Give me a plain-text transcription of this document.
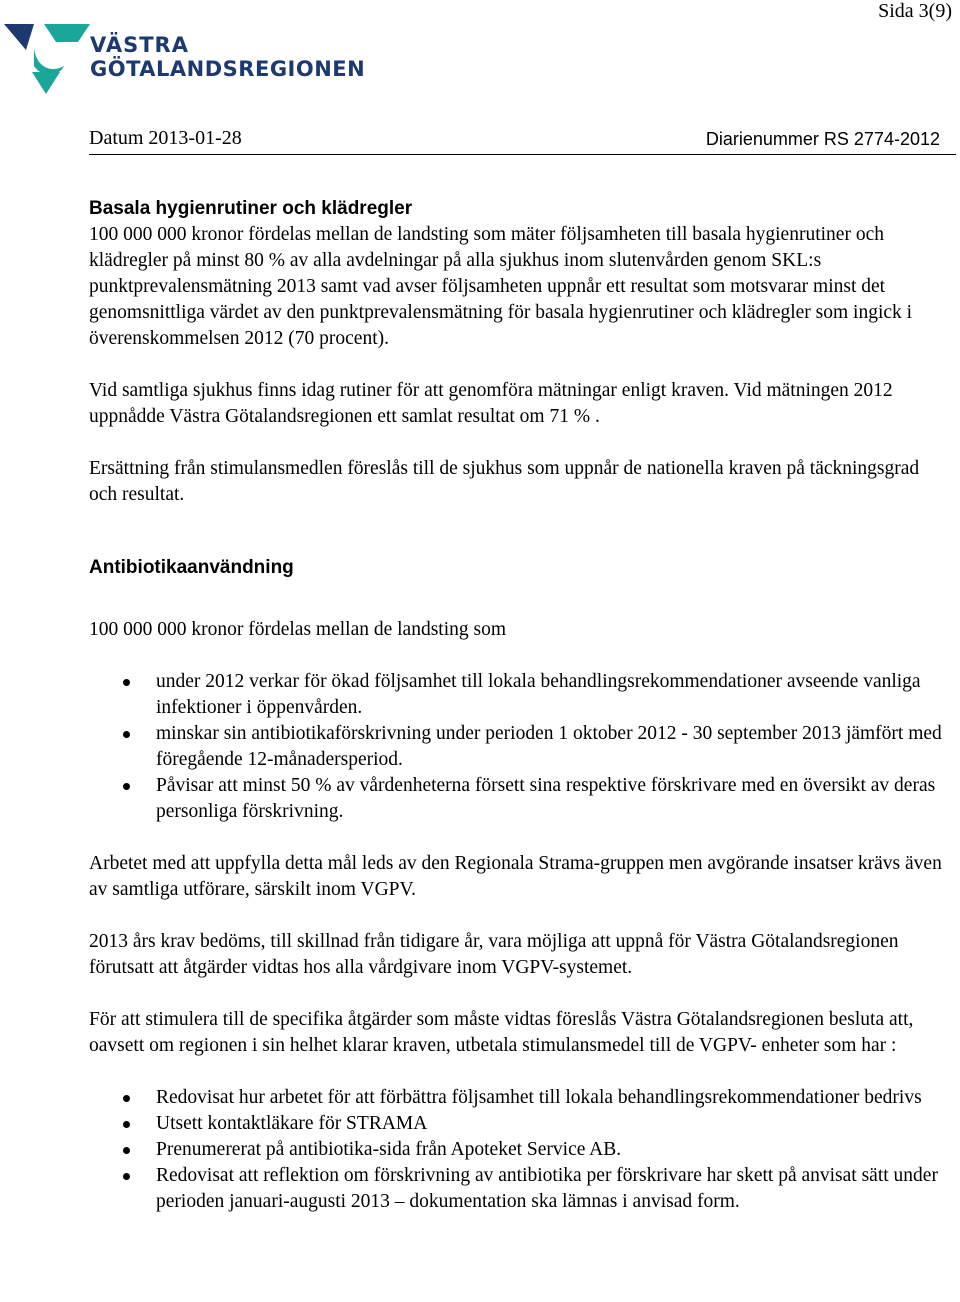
Sida 3(9)
VÄSTRA
GÖTALANDSREGIONEN
Datum 2013-01-28	Diarienummer RS 2774-2012
Basala hygienrutiner och klädregler

100 000 000 kronor fördelas mellan de landsting som mäter följsamheten till basala hygienrutiner och klädregler på minst 80 % av alla avdelningar på alla sjukhus inom slutenvården genom SKL:s punktprevalensmätning 2013 samt vad avser följsamheten uppnår ett resultat som motsvarar minst det genomsnittliga värdet av den punktprevalensmätning för basala hygienrutiner och klädregler som ingick i överenskommelsen 2012 (70 procent).

Vid samtliga sjukhus finns idag rutiner för att genomföra mätningar enligt kraven. Vid mätningen 2012 uppnådde Västra Götalandsregionen ett samlat resultat om 71 % .

Ersättning från stimulansmedlen föreslås till de sjukhus som uppnår de nationella kraven på täckningsgrad och resultat.

Antibiotikaanvändning

100 000 000 kronor fördelas mellan de landsting som

under 2012 verkar för ökad följsamhet till lokala behandlingsrekommendationer avseende vanliga infektioner i öppenvården.
minskar sin antibiotikaförskrivning under perioden 1 oktober 2012 - 30 september 2013 jämfört med föregående 12-månadersperiod.
Påvisar att minst 50 % av vårdenheterna försett sina respektive förskrivare med en översikt av deras personliga förskrivning.

Arbetet med att uppfylla detta mål leds av den Regionala Strama-gruppen men avgörande insatser krävs även av samtliga utförare, särskilt inom VGPV.

2013 års krav bedöms, till skillnad från tidigare år, vara möjliga att uppnå för Västra Götalandsregionen förutsatt att åtgärder vidtas hos alla vårdgivare inom VGPV-systemet.

För att stimulera till de specifika åtgärder som måste vidtas föreslås Västra Götalandsregionen besluta att, oavsett om regionen i sin helhet klarar kraven, utbetala stimulansmedel till de VGPV- enheter som har :

Redovisat hur arbetet för att förbättra följsamhet till lokala behandlingsrekommendationer bedrivs
Utsett kontaktläkare för STRAMA
Prenumererat på antibiotika-sida från Apoteket Service AB.
Redovisat att reflektion om förskrivning av antibiotika per förskrivare har skett på anvisat sätt under perioden januari-augusti 2013 – dokumentation ska lämnas i anvisad form.
